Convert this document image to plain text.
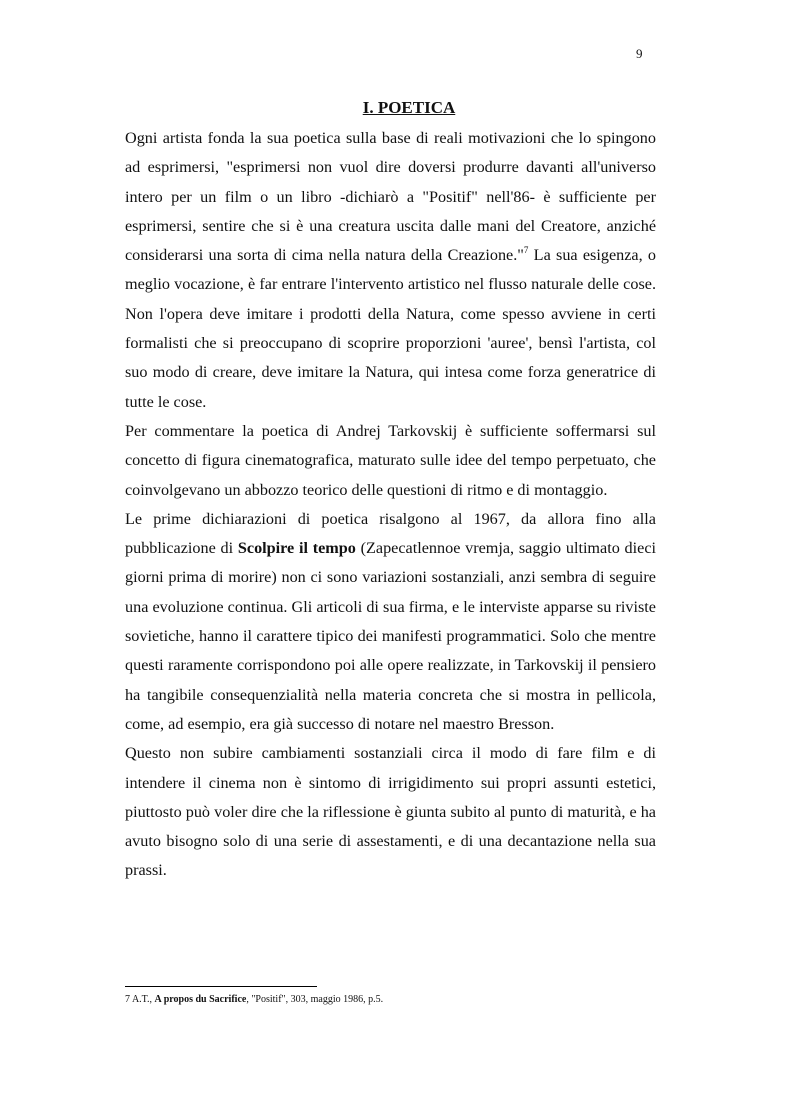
9
I. POETICA

Ogni artista fonda la sua poetica sulla base di reali motivazioni che lo spingono ad esprimersi, "esprimersi non vuol dire doversi produrre davanti all'universo intero per un film o un libro -dichiarò a "Positif" nell'86- è sufficiente per esprimersi, sentire che si è una creatura uscita dalle mani del Creatore, anziché considerarsi una sorta di cima nella natura della Creazione."$^7$ La sua esigenza, o meglio vocazione, è far entrare l'intervento artistico nel flusso naturale delle cose. Non l'opera deve imitare i prodotti della Natura, come spesso avviene in certi formalisti che si preoccupano di scoprire proporzioni 'auree', bensì l'artista, col suo modo di creare, deve imitare la Natura, qui intesa come forza generatrice di tutte le cose.

Per commentare la poetica di Andrej Tarkovskij è sufficiente soffermarsi sul concetto di figura cinematografica, maturato sulle idee del tempo perpetuato, che coinvolgevano un abbozzo teorico delle questioni di ritmo e di montaggio.

Le prime dichiarazioni di poetica risalgono al 1967, da allora fino alla pubblicazione di Scolpire il tempo (Zapecatlennoe vremja, saggio ultimato dieci giorni prima di morire) non ci sono variazioni sostanziali, anzi sembra di seguire una evoluzione continua. Gli articoli di sua firma, e le interviste apparse su riviste sovietiche, hanno il carattere tipico dei manifesti programmatici. Solo che mentre questi raramente corrispondono poi alle opere realizzate, in Tarkovskij il pensiero ha tangibile consequenzialità nella materia concreta che si mostra in pellicola, come, ad esempio, era già successo di notare nel maestro Bresson.

Questo non subire cambiamenti sostanziali circa il modo di fare film e di intendere il cinema non è sintomo di irrigidimento sui propri assunti estetici, piuttosto può voler dire che la riflessione è giunta subito al punto di maturità, e ha avuto bisogno solo di una serie di assestamenti, e di una decantazione nella sua prassi.

7 A.T., A propos du Sacrifice, "Positif", 303, maggio 1986, p.5.
